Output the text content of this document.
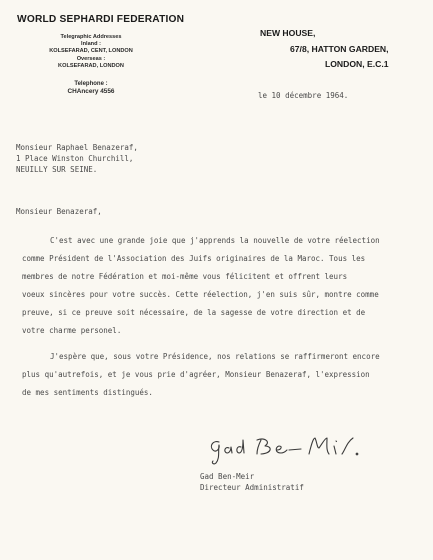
WORLD SEPHARDI FEDERATION
Telegraphic Addresses
Inland :
KOLSEFARAD, CENT, LONDON
Overseas :
KOLSEFARAD, LONDON
Telephone :
CHAncery 4556
NEW HOUSE,
67/8, HATTON GARDEN,
LONDON, E.C.1
le 10 décembre 1964.
Monsieur Raphael Benazeraf,
1 Place Winston Churchill,
NEUILLY SUR SEINE.
Monsieur Benazeraf,
C'est avec une grande joie que j'apprends la nouvelle de votre réelection
comme Président de l'Association des Juifs originaires de la Maroc. Tous les
membres de notre Fédération et moi-même vous félicitent et offrent leurs
voeux sincères pour votre succès. Cette réelection, j'en suis sûr, montre comme
preuve, si ce preuve soit nécessaire, de la sagesse de votre direction et de
votre charme personel.
J'espère que, sous votre Présidence, nos relations se raffirmeront encore
plus qu'autrefois, et je vous prie d'agréer, Monsieur Benazeraf, l'expression
de mes sentiments distingués.
Gad Ben-Meir
Directeur Administratif
